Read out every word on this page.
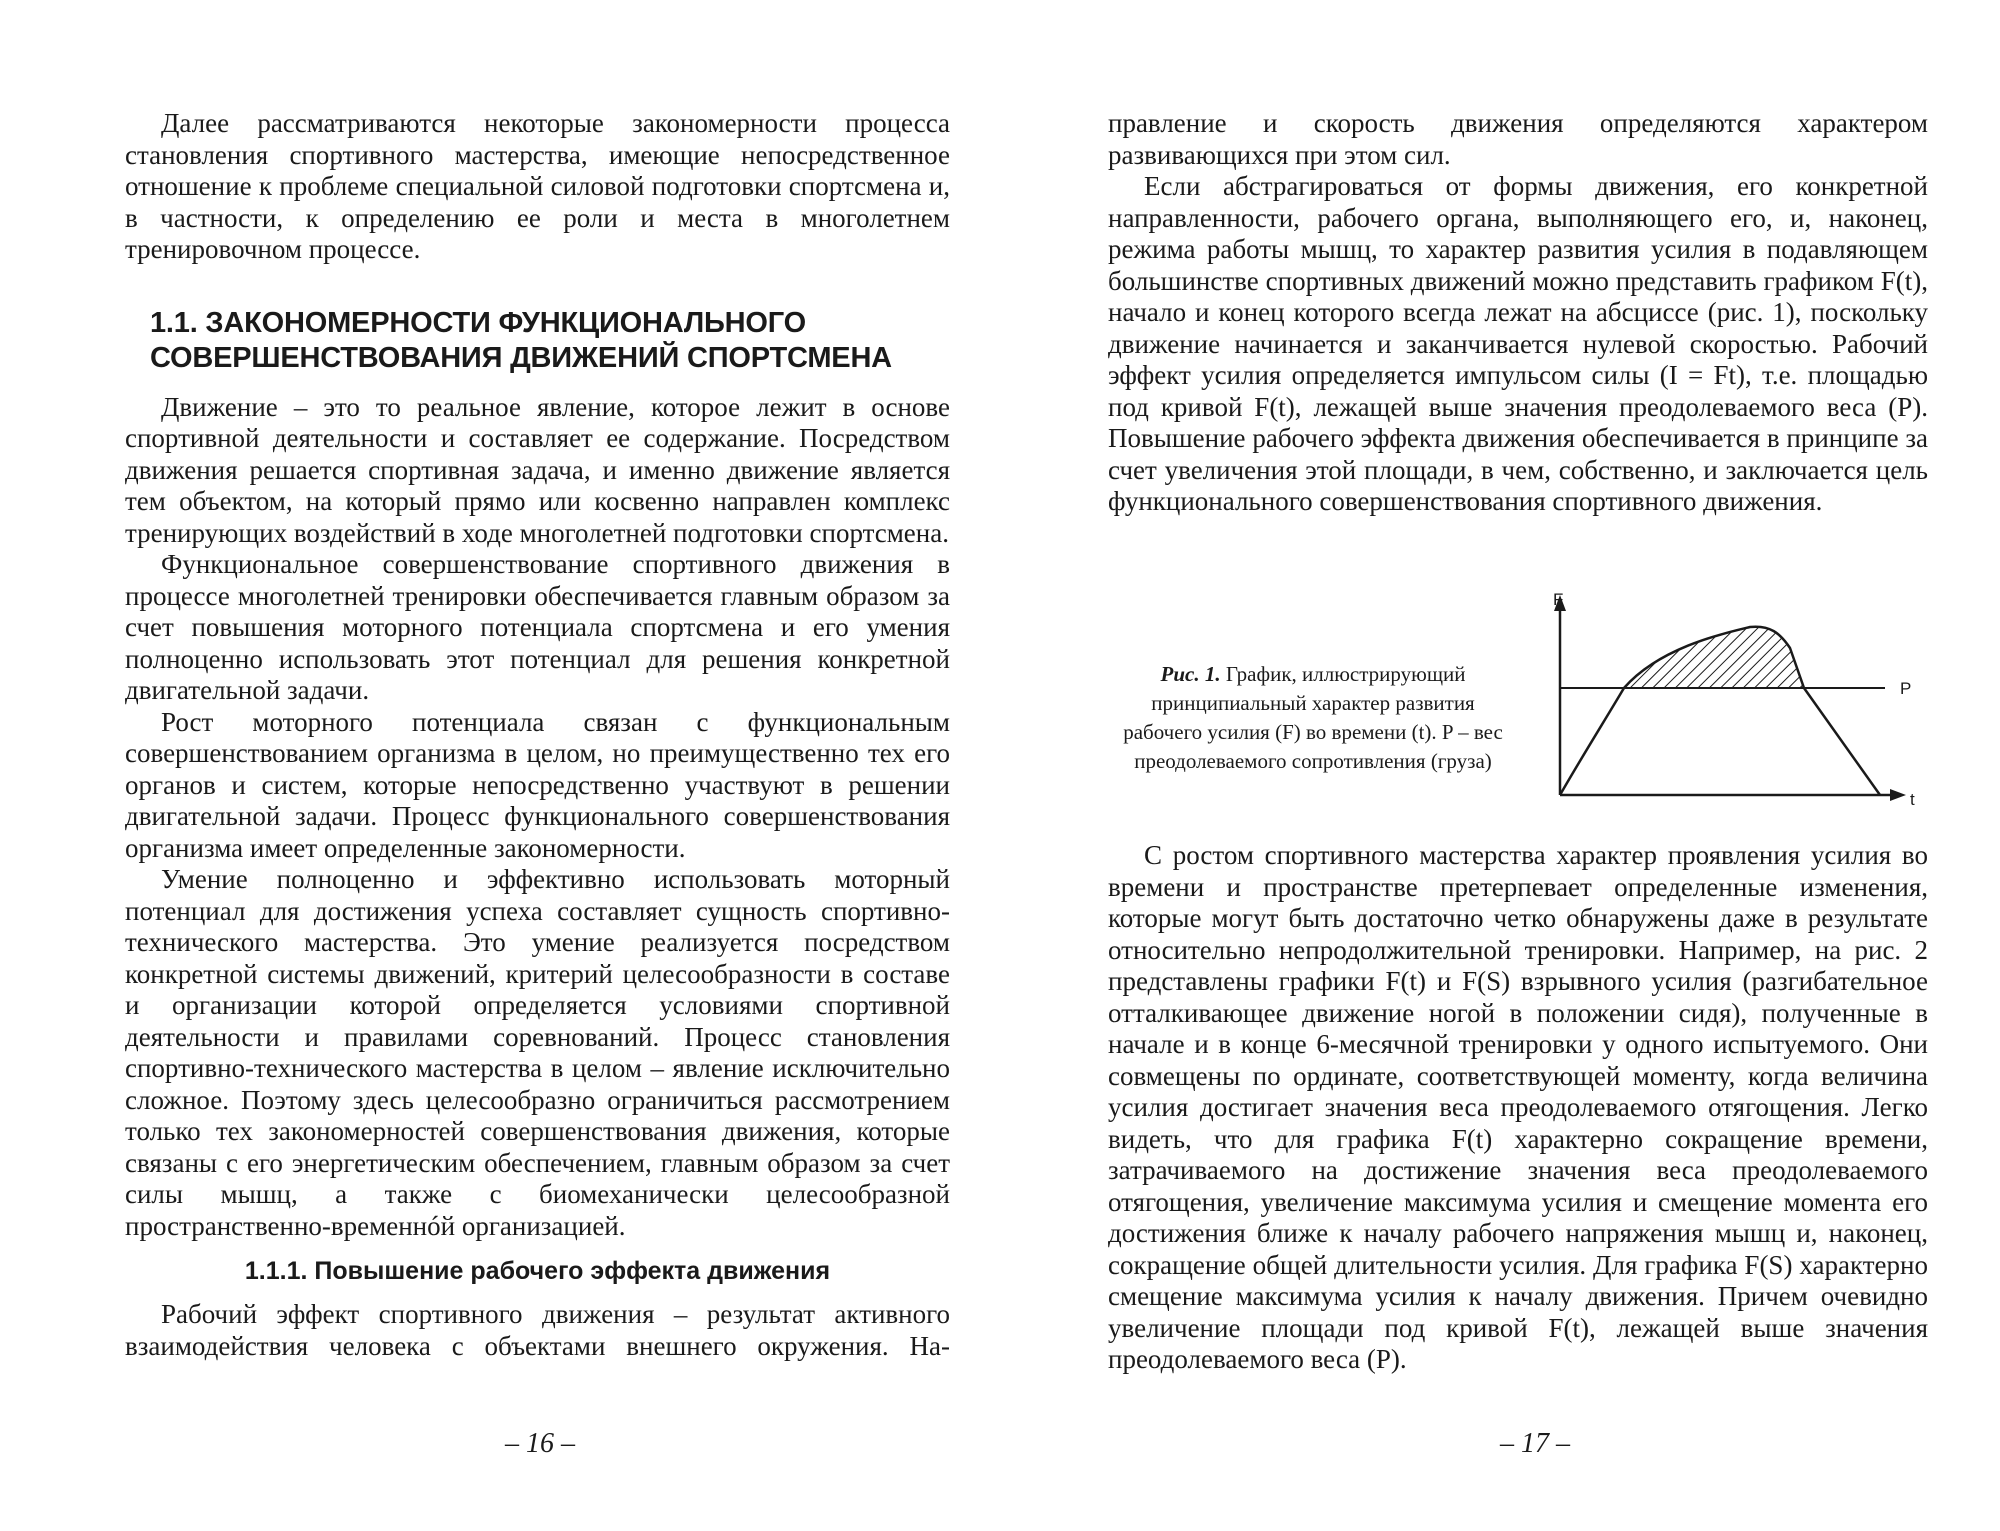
Далее рассматриваются некоторые закономерности процесса становления спортивного мастерства, имеющие непосредственное отношение к проблеме специальной силовой подготовки спортсмена и, в частности, к определению ее роли и места в многолетнем тренировочном процессе.

1.1. ЗАКОНОМЕРНОСТИ ФУНКЦИОНАЛЬНОГО
СОВЕРШЕНСТВОВАНИЯ ДВИЖЕНИЙ СПОРТСМЕНА

Движение – это то реальное явление, которое лежит в основе спортивной деятельности и составляет ее содержание. Посредством движения решается спортивная задача, и именно движение является тем объектом, на который прямо или косвенно направлен комплекс тренирующих воздействий в ходе многолетней подготовки спортсмена.

Функциональное совершенствование спортивного движения в процессе многолетней тренировки обеспечивается главным образом за счет повышения моторного потенциала спортсмена и его умения полноценно использовать этот потенциал для решения конкретной двигательной задачи.

Рост моторного потенциала связан с функциональным совершенствованием организма в целом, но преимущественно тех его органов и систем, которые непосредственно участвуют в решении двигательной задачи. Процесс функционального совершенствования организма имеет определенные закономерности.

Умение полноценно и эффективно использовать моторный потенциал для достижения успеха составляет сущность спортивно-технического мастерства. Это умение реализуется посредством конкретной системы движений, критерий целесообразности в составе и организации которой определяется условиями спортивной деятельности и правилами соревнований. Процесс становления спортивно-технического мастерства в целом – явление исключительно сложное. Поэтому здесь целесообразно ограничиться рассмотрением только тех закономерностей совершенствования движения, которые связаны с его энергетическим обеспечением, главным образом за счет силы мышц, а также с биомеханически целесообразной пространственно-временнóй организацией.

1.1.1. Повышение рабочего эффекта движения

Рабочий эффект спортивного движения – результат активного взаимодействия человека с объектами внешнего окружения. На-

– 16 –

правление и скорость движения определяются характером развивающихся при этом сил.

Если абстрагироваться от формы движения, его конкретной направленности, рабочего органа, выполняющего его, и, наконец, режима работы мышц, то характер развития усилия в подавляющем большинстве спортивных движений можно представить графиком F(t), начало и конец которого всегда лежат на абсциссе (рис. 1), поскольку движение начинается и заканчивается нулевой скоростью. Рабочий эффект усилия определяется импульсом силы (I = Ft), т.е. площадью под кривой F(t), лежащей выше значения преодолеваемого веса (P). Повышение рабочего эффекта движения обеспечивается в принципе за счет увеличения этой площади, в чем, собственно, и заключается цель функционального совершенствования спортивного движения.

Рис. 1. График, иллюстрирующий принципиальный характер развития рабочего усилия (F) во времени (t). P – вес преодолеваемого сопротивления (груза)
F
P
t

С ростом спортивного мастерства характер проявления усилия во времени и пространстве претерпевает определенные изменения, которые могут быть достаточно четко обнаружены даже в результате относительно непродолжительной тренировки. Например, на рис. 2 представлены графики F(t) и F(S) взрывного усилия (разгибательное отталкивающее движение ногой в положении сидя), полученные в начале и в конце 6-месячной тренировки у одного испытуемого. Они совмещены по ординате, соответствующей моменту, когда величина усилия достигает значения веса преодолеваемого отягощения. Легко видеть, что для графика F(t) характерно сокращение времени, затрачиваемого на достижение значения веса преодолеваемого отягощения, увеличение максимума усилия и смещение момента его достижения ближе к началу рабочего напряжения мышц и, наконец, сокращение общей длительности усилия. Для графика F(S) характерно смещение максимума усилия к началу движения. Причем очевидно увеличение площади под кривой F(t), лежащей выше значения преодолеваемого веса (P).

– 17 –
